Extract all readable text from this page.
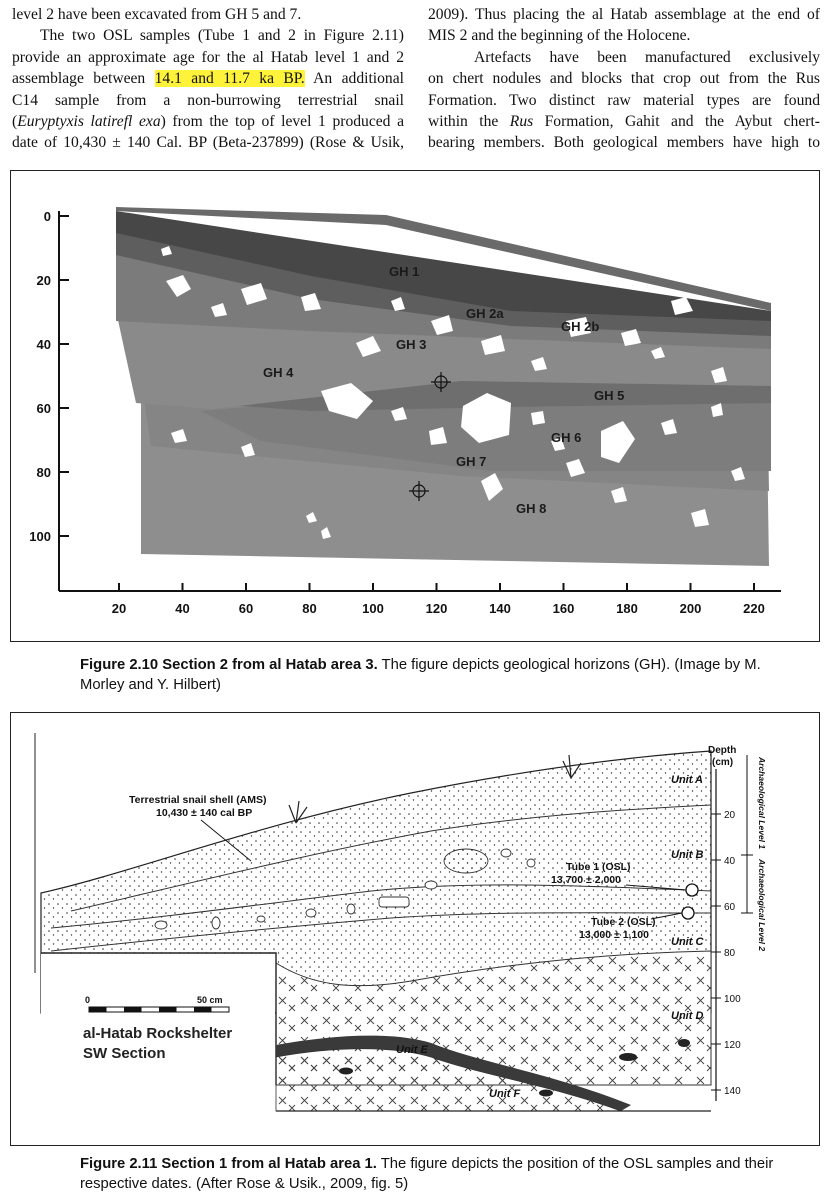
level 2 have been excavated from GH 5 and 7.
The two OSL samples (Tube 1 and 2 in Figure 2.11)
provide an approximate age for the al Hatab level 1 and 2
assemblage between 14.1 and 11.7 ka BP. An additional
C14 sample from a non-burrowing terrestrial snail
(Euryptyxis latirefl exa) from the top of level 1 produced a
date of 10,430 ± 140 Cal. BP (Beta-237899) (Rose & Usik,
2009). Thus placing the al Hatab assemblage at the end of
MIS 2 and the beginning of the Holocene.
Artefacts have been manufactured exclusively
on chert nodules and blocks that crop out from the Rus
Formation. Two distinct raw material types are found
within the Rus Formation, Gahit and the Aybut chert-
bearing members. Both geological members have high to
0
20
40
60
80
100
20	40	60	80	100	120	140	160	180	200	220
GH 1
GH 2a
GH 2b
GH 3
GH 4
GH 5
GH 6
GH 7
GH 8
Figure 2.10 Section 2 from al Hatab area 3. The figure depicts geological horizons (GH). (Image by M. Morley and Y. Hilbert)
Terrestrial snail shell (AMS)
10,430 ± 140 cal BP
Tube 1 (OSL)
13,700 ± 2,000
Tube 2 (OSL)
13,000 ± 1,100
Unit A
Unit B
Unit C
Unit D
Unit E
Unit F
Depth
(cm)
20
40
60
80
100
120
140
Archaeological Level 1
Archaeological Level 2
0	50 cm
al-Hatab Rockshelter
SW Section
Figure 2.11 Section 1 from al Hatab area 1. The figure depicts the position of the OSL samples and their respective dates. (After Rose & Usik., 2009, fig. 5)
